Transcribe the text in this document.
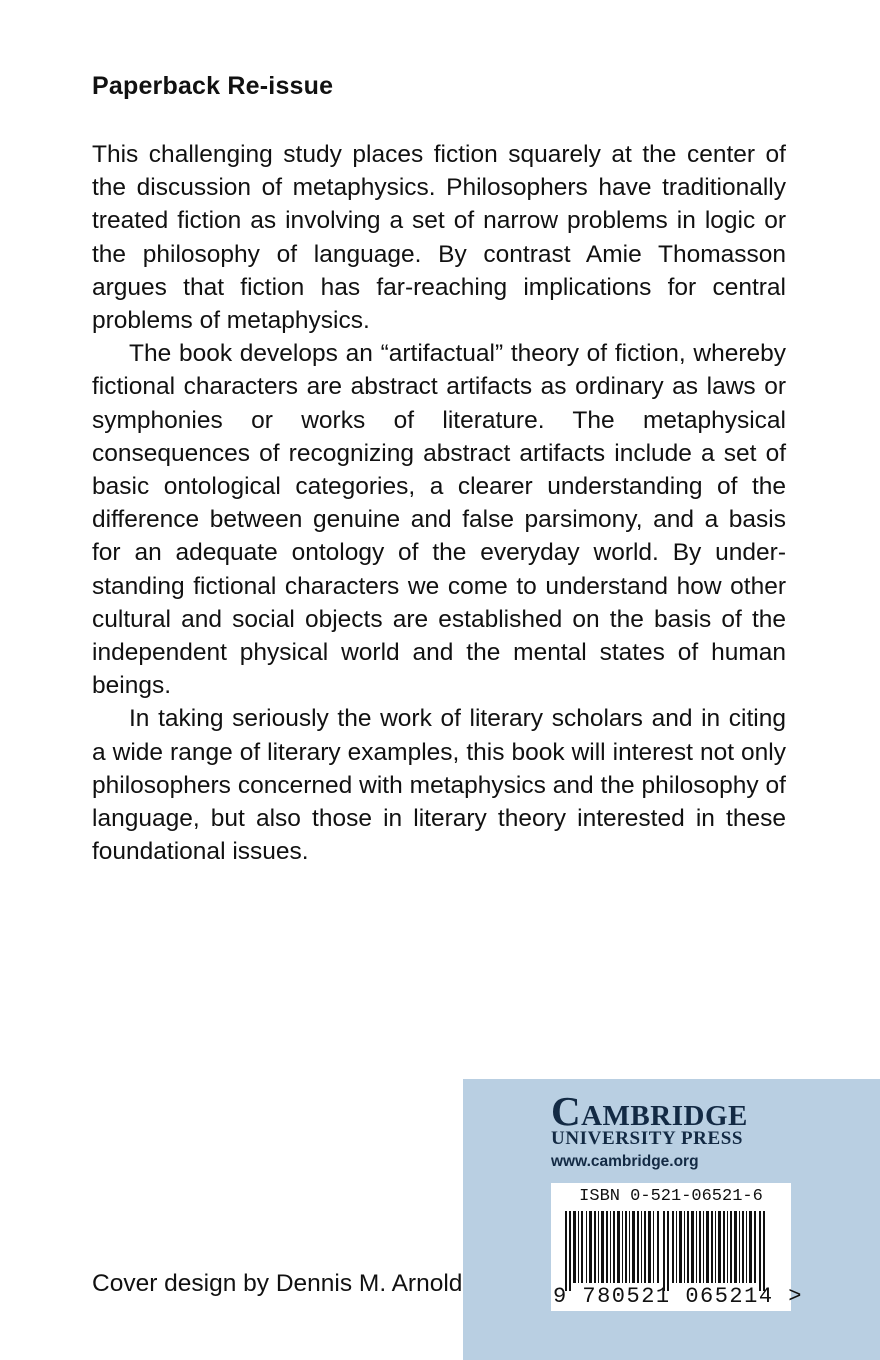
Paperback Re-issue

This challenging study places fiction squarely at the center of the discussion of metaphysics. Philosophers have traditionally treated fiction as involving a set of narrow problems in logic or the philosophy of language. By contrast Amie Thomasson argues that fiction has far-reaching implications for central problems of metaphysics.

The book develops an “artifactual” theory of fiction, whereby fictional characters are abstract artifacts as ordinary as laws or symphonies or works of literature. The metaphysical consequences of recognizing abstract artifacts include a set of basic ontological categories, a clearer understanding of the difference between genuine and false parsimony, and a basis for an adequate ontology of the everyday world. By understanding fictional characters we come to understand how other cultural and social objects are established on the basis of the independent physical world and the mental states of human beings.

In taking seriously the work of literary scholars and in citing a wide range of literary examples, this book will interest not only philosophers concerned with metaphysics and the philosophy of language, but also those in literary theory interested in these foundational issues.

Cover design by Dennis M. Arnold

Cambridge

UNIVERSITY PRESS

www.cambridge.org

ISBN 0-521-06521-6

9 780521 065214 >
